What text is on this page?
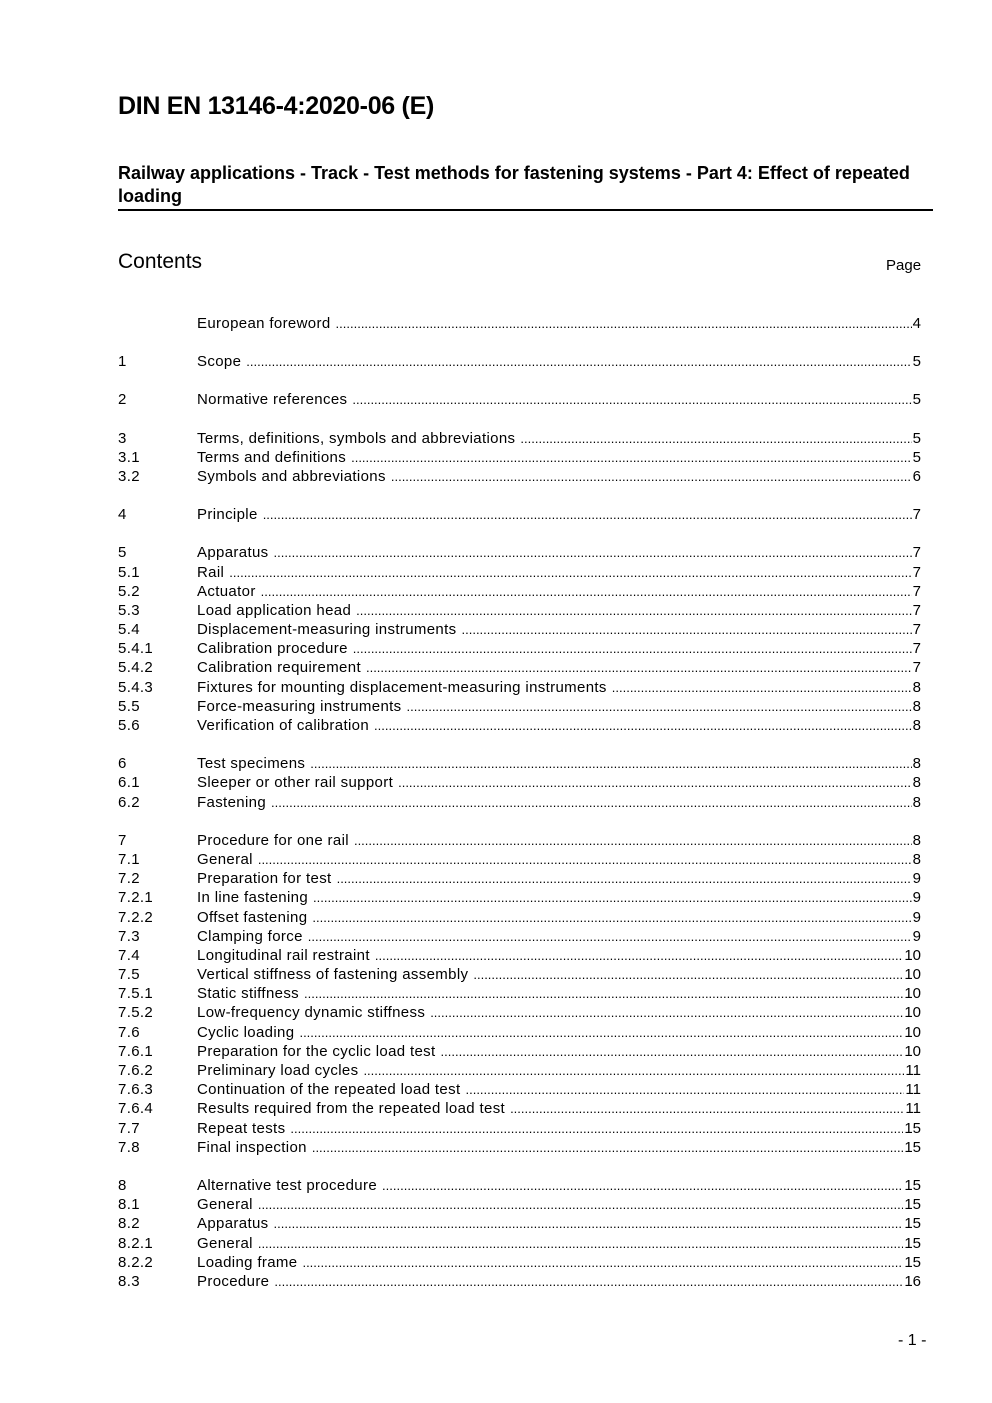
DIN EN 13146-4:2020-06 (E)
Railway applications - Track - Test methods for fastening systems - Part 4: Effect of repeated loading
Contents	Page
European foreword .....	4
1	Scope .....	5
2	Normative references .....	5
3	Terms, definitions, symbols and abbreviations .....	5
3.1	Terms and definitions .....	5
3.2	Symbols and abbreviations .....	6
4	Principle .....	7
5	Apparatus .....	7
5.1	Rail .....	7
5.2	Actuator .....	7
5.3	Load application head .....	7
5.4	Displacement-measuring instruments .....	7
5.4.1	Calibration procedure .....	7
5.4.2	Calibration requirement .....	7
5.4.3	Fixtures for mounting displacement-measuring instruments .....	8
5.5	Force-measuring instruments .....	8
5.6	Verification of calibration .....	8
6	Test specimens .....	8
6.1	Sleeper or other rail support .....	8
6.2	Fastening .....	8
7	Procedure for one rail .....	8
7.1	General .....	8
7.2	Preparation for test .....	9
7.2.1	In line fastening .....	9
7.2.2	Offset fastening .....	9
7.3	Clamping force .....	9
7.4	Longitudinal rail restraint .....	10
7.5	Vertical stiffness of fastening assembly .....	10
7.5.1	Static stiffness .....	10
7.5.2	Low-frequency dynamic stiffness .....	10
7.6	Cyclic loading .....	10
7.6.1	Preparation for the cyclic load test .....	10
7.6.2	Preliminary load cycles .....	11
7.6.3	Continuation of the repeated load test .....	11
7.6.4	Results required from the repeated load test .....	11
7.7	Repeat tests .....	15
7.8	Final inspection .....	15
8	Alternative test procedure .....	15
8.1	General .....	15
8.2	Apparatus .....	15
8.2.1	General .....	15
8.2.2	Loading frame .....	15
8.3	Procedure .....	16
- 1 -
